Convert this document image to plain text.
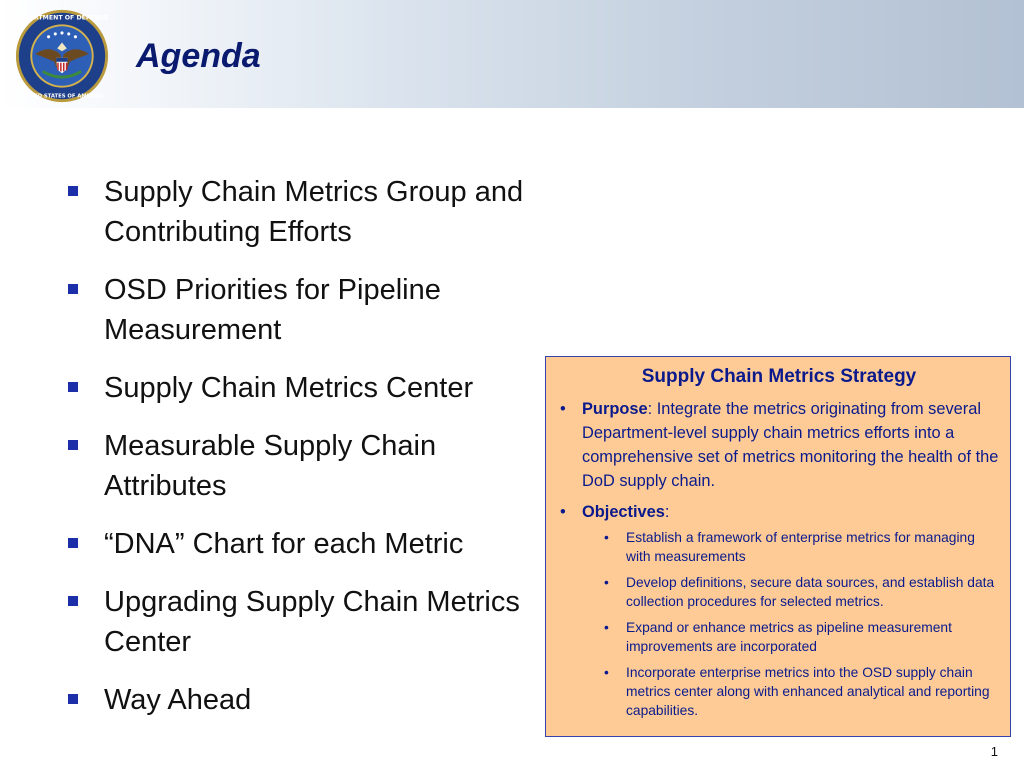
DEPARTMENT OF DEFENSE
UNITED STATES OF AMERICA
Agenda
Supply Chain Metrics Group and Contributing Efforts
OSD Priorities for Pipeline Measurement
Supply Chain Metrics Center
Measurable Supply Chain Attributes
“DNA” Chart for each Metric
Upgrading Supply Chain Metrics Center
Way Ahead
Supply Chain Metrics Strategy
• Purpose: Integrate the metrics originating from several Department-level supply chain metrics efforts into a comprehensive set of metrics monitoring the health of the DoD supply chain.
• Objectives:
• Establish a framework of enterprise metrics for managing with measurements
• Develop definitions, secure data sources, and establish data collection procedures for selected metrics.
• Expand or enhance metrics as pipeline measurement improvements are incorporated
• Incorporate enterprise metrics into the OSD supply chain metrics center along with enhanced analytical and reporting capabilities.
1
